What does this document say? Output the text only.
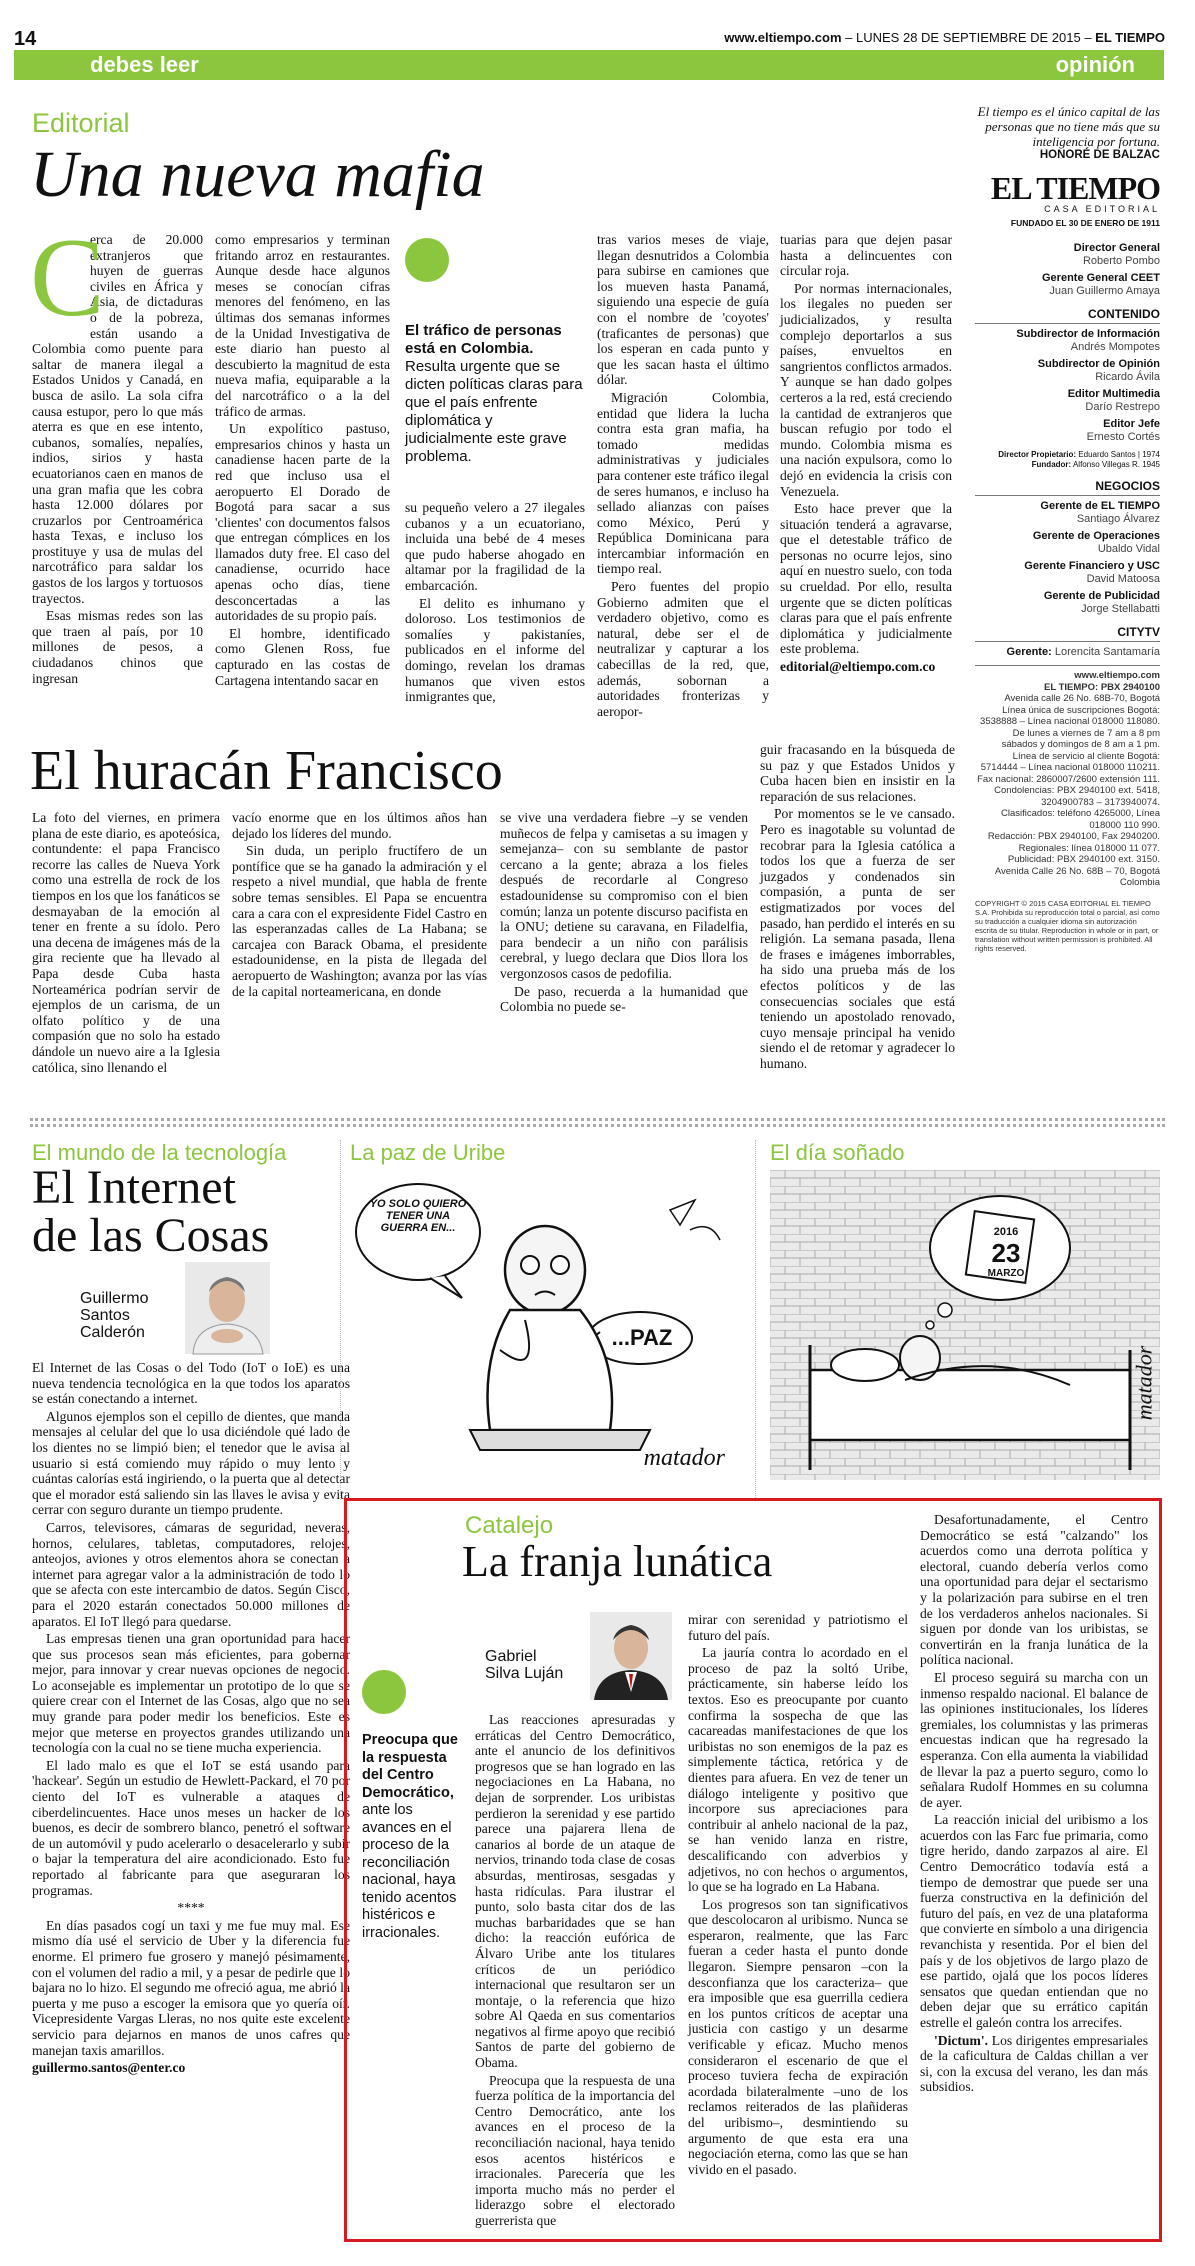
14	www.eltiempo.com – LUNES 28 DE SEPTIEMBRE DE 2015 – EL TIEMPO
debes leer	opinión
Editorial
Una nueva mafia
C

erca de 20.000 extranjeros que huyen de guerras civiles en África y Asia, de dictaduras o de la pobreza, están usando a Colombia como puente para saltar de manera ilegal a Estados Unidos y Canadá, en busca de asilo. La sola cifra causa estupor, pero lo que más aterra es que en ese intento, cubanos, somalíes, nepalíes, indios, sirios y hasta ecuatorianos caen en manos de una gran mafia que les cobra hasta 12.000 dólares por cruzarlos por Centroamérica hasta Texas, e incluso los prostituye y usa de mulas del narcotráfico para saldar los gastos de los largos y tortuosos trayectos.

Esas mismas redes son las que traen al país, por 10 millones de pesos, a ciudadanos chinos que ingresan

como empresarios y terminan fritando arroz en restaurantes. Aunque desde hace algunos meses se conocían cifras menores del fenómeno, en las últimas dos semanas informes de la Unidad Investigativa de este diario han puesto al descubierto la magnitud de esta nueva mafia, equiparable a la del narcotráfico o a la del tráfico de armas.

Un expolítico pastuso, empresarios chinos y hasta un canadiense hacen parte de la red que incluso usa el aeropuerto El Dorado de Bogotá para sacar a sus 'clientes' con documentos falsos que entregan cómplices en los llamados duty free. El caso del canadiense, ocurrido hace apenas ocho días, tiene desconcertadas a las autoridades de su propio país.

El hombre, identificado como Glenen Ross, fue capturado en las costas de Cartagena intentando sacar en

El tráfico de personas está en Colombia.
Resulta urgente que se dicten políticas claras para que el país enfrente diplomática y judicialmente este grave problema.

su pequeño velero a 27 ilegales cubanos y a un ecuatoriano, incluida una bebé de 4 meses que pudo haberse ahogado en altamar por la fragilidad de la embarcación.

El delito es inhumano y doloroso. Los testimonios de somalíes y pakistaníes, publicados en el informe del domingo, revelan los dramas humanos que viven estos inmigrantes que,

tras varios meses de viaje, llegan desnutridos a Colombia para subirse en camiones que los mueven hasta Panamá, siguiendo una especie de guía con el nombre de 'coyotes' (traficantes de personas) que los esperan en cada punto y que les sacan hasta el último dólar.

Migración Colombia, entidad que lidera la lucha contra esta gran mafia, ha tomado medidas administrativas y judiciales para contener este tráfico ilegal de seres humanos, e incluso ha sellado alianzas con países como México, Perú y República Dominicana para intercambiar información en tiempo real.

Pero fuentes del propio Gobierno admiten que el verdadero objetivo, como es natural, debe ser el de neutralizar y capturar a los cabecillas de la red, que, además, sobornan a autoridades fronterizas y aeropor-

tuarias para que dejen pasar hasta a delincuentes con circular roja.

Por normas internacionales, los ilegales no pueden ser judicializados, y resulta complejo deportarlos a sus países, envueltos en sangrientos conflictos armados. Y aunque se han dado golpes certeros a la red, está creciendo la cantidad de extranjeros que buscan refugio por todo el mundo. Colombia misma es una nación expulsora, como lo dejó en evidencia la crisis con Venezuela.

Esto hace prever que la situación tenderá a agravarse, que el detestable tráfico de personas no ocurre lejos, sino aquí en nuestro suelo, con toda su crueldad. Por ello, resulta urgente que se dicten políticas claras para que el país enfrente diplomática y judicialmente este problema.

editorial@eltiempo.com.co

El tiempo es el único capital de las personas que no tiene más que su inteligencia por fortuna.

HONORÉ DE BALZAC

EL TIEMPO
CASA EDITORIAL

FUNDADO EL 30 DE ENERO DE 1911

Director General

Roberto Pombo

Gerente General CEET

Juan Guillermo Amaya

CONTENIDO

Subdirector de Información

Andrés Mompotes

Subdirector de Opinión

Ricardo Ávila

Editor Multimedia

Darío Restrepo

Editor Jefe

Ernesto Cortés

Director Propietario: Eduardo Santos | 1974

Fundador: Alfonso Villegas R. 1945

NEGOCIOS

Gerente de EL TIEMPO

Santiago Álvarez

Gerente de Operaciones

Ubaldo Vidal

Gerente Financiero y USC

David Matoosa

Gerente de Publicidad

Jorge Stellabatti

CITYTV

Gerente: Lorencita Santamaría

www.eltiempo.com

EL TIEMPO: PBX 2940100

Avenida calle 26 No. 68B-70, Bogotá

Línea única de suscripciones Bogotá:

3538888 – Línea nacional 018000 118080.

De lunes a viernes de 7 am a 8 pm sábados y domingos de 8 am a 1 pm.

Línea de servicio al cliente Bogotá:

5714444 – Línea nacional 018000 110211.

Fax nacional: 2860007/2600 extensión 111.

Condolencias: PBX 2940100 ext. 5418, 3204900783 – 3173940074.

Clasificados: teléfono 4265000, Línea 018000 110 990.

Redacción: PBX 2940100, Fax 2940200.

Regionales: línea 018000 11 077.

Publicidad: PBX 2940100 ext. 3150.

Avenida Calle 26 No. 68B – 70, Bogotá Colombia

COPYRIGHT © 2015 CASA EDITORIAL EL TIEMPO S.A. Prohibida su reproducción total o parcial, así como su traducción a cualquier idioma sin autorización escrita de su titular. Reproduction in whole or in part, or translation without written permission is prohibited. All rights reserved.

El huracán Francisco

La foto del viernes, en primera plana de este diario, es apoteósica, contundente: el papa Francisco recorre las calles de Nueva York como una estrella de rock de los tiempos en los que los fanáticos se desmayaban de la emoción al tener en frente a su ídolo. Pero una decena de imágenes más de la gira reciente que ha llevado al Papa desde Cuba hasta Norteamérica podrían servir de ejemplos de un carisma, de un olfato político y de una compasión que no solo ha estado dándole un nuevo aire a la Iglesia católica, sino llenando el

vacío enorme que en los últimos años han dejado los líderes del mundo.

Sin duda, un periplo fructífero de un pontífice que se ha ganado la admiración y el respeto a nivel mundial, que habla de frente sobre temas sensibles. El Papa se encuentra cara a cara con el expresidente Fidel Castro en las esperanzadas calles de La Habana; se carcajea con Barack Obama, el presidente estadounidense, en la pista de llegada del aeropuerto de Washington; avanza por las vías de la capital norteamericana, en donde

se vive una verdadera fiebre –y se venden muñecos de felpa y camisetas a su imagen y semejanza– con su semblante de pastor cercano a la gente; abraza a los fieles después de recordarle al Congreso estadounidense su compromiso con el bien común; lanza un potente discurso pacifista en la ONU; detiene su caravana, en Filadelfia, para bendecir a un niño con parálisis cerebral, y luego declara que Dios llora los vergonzosos casos de pedofilia.

De paso, recuerda a la humanidad que Colombia no puede se-

guir fracasando en la búsqueda de su paz y que Estados Unidos y Cuba hacen bien en insistir en la reparación de sus relaciones.

Por momentos se le ve cansado. Pero es inagotable su voluntad de recobrar para la Iglesia católica a todos los que a fuerza de ser juzgados y condenados sin compasión, a punta de ser estigmatizados por voces del pasado, han perdido el interés en su religión. La semana pasada, llena de frases e imágenes imborrables, ha sido una prueba más de los efectos políticos y de las consecuencias sociales que está teniendo un apostolado renovado, cuyo mensaje principal ha venido siendo el de retomar y agradecer lo humano.

El mundo de la tecnología
El Internet
de las Cosas
Guillermo
Santos
Calderón

El Internet de las Cosas o del Todo (IoT o IoE) es una nueva tendencia tecnológica en la que todos los aparatos se están conectando a internet.

Algunos ejemplos son el cepillo de dientes, que manda mensajes al celular del que lo usa diciéndole qué lado de los dientes no se limpió bien; el tenedor que le avisa al usuario si está comiendo muy rápido o muy lento y cuántas calorías está ingiriendo, o la puerta que al detectar que el morador está saliendo sin las llaves le avisa y evita cerrar con seguro durante un tiempo prudente.

Carros, televisores, cámaras de seguridad, neveras, hornos, celulares, tabletas, computadores, relojes, anteojos, aviones y otros elementos ahora se conectan a internet para agregar valor a la administración de todo lo que se afecta con este intercambio de datos. Según Cisco, para el 2020 estarán conectados 50.000 millones de aparatos. El IoT llegó para quedarse.

Las empresas tienen una gran oportunidad para hacer que sus procesos sean más eficientes, para gobernar mejor, para innovar y crear nuevas opciones de negocio. Lo aconsejable es implementar un prototipo de lo que se quiere crear con el Internet de las Cosas, algo que no sea muy grande para poder medir los beneficios. Este es mejor que meterse en proyectos grandes utilizando una tecnología con la cual no se tiene mucha experiencia.

El lado malo es que el IoT se está usando para 'hackear'. Según un estudio de Hewlett-Packard, el 70 por ciento del IoT es vulnerable a ataques de ciberdelincuentes. Hace unos meses un hacker de los buenos, es decir de sombrero blanco, penetró el software de un automóvil y pudo acelerarlo o desacelerarlo y subir o bajar la temperatura del aire acondicionado. Esto fue reportado al fabricante para que aseguraran los programas.

****

En días pasados cogí un taxi y me fue muy mal. Ese mismo día usé el servicio de Uber y la diferencia fue enorme. El primero fue grosero y manejó pésimamente, con el volumen del radio a mil, y a pesar de pedirle que lo bajara no lo hizo. El segundo me ofreció agua, me abrió la puerta y me puso a escoger la emisora que yo quería oír. Vicepresidente Vargas Lleras, no nos quite este excelente servicio para dejarnos en manos de unos cafres que manejan taxis amarillos.

guillermo.santos@enter.co

La paz de Uribe
YO SOLO QUIERO TENER UNA GUERRA EN...
...PAZ
matador
El día soñado
2016
23
MARZO
matador
Catalejo
La franja lunática
Gabriel
Silva Luján
Preocupa que la respuesta del Centro Democrático,
ante los avances en el proceso de la reconciliación nacional, haya tenido acentos histéricos e irracionales.

Las reacciones apresuradas y erráticas del Centro Democrático, ante el anuncio de los definitivos progresos que se han logrado en las negociaciones en La Habana, no dejan de sorprender. Los uribistas perdieron la serenidad y ese partido parece una pajarera llena de canarios al borde de un ataque de nervios, trinando toda clase de cosas absurdas, mentirosas, sesgadas y hasta ridículas. Para ilustrar el punto, solo basta citar dos de las muchas barbaridades que se han dicho: la reacción eufórica de Álvaro Uribe ante los titulares críticos de un periódico internacional que resultaron ser un montaje, o la referencia que hizo sobre Al Qaeda en sus comentarios negativos al firme apoyo que recibió Santos de parte del gobierno de Obama.

Preocupa que la respuesta de una fuerza política de la importancia del Centro Democrático, ante los avances en el proceso de la reconciliación nacional, haya tenido esos acentos histéricos e irracionales. Parecería que les importa mucho más no perder el liderazgo sobre el electorado guerrerista que

mirar con serenidad y patriotismo el futuro del país.

La jauría contra lo acordado en el proceso de paz la soltó Uribe, prácticamente, sin haberse leído los textos. Eso es preocupante por cuanto confirma la sospecha de que las cacareadas manifestaciones de que los uribistas no son enemigos de la paz es simplemente táctica, retórica y de dientes para afuera. En vez de tener un diálogo inteligente y positivo que incorpore sus apreciaciones para contribuir al anhelo nacional de la paz, se han venido lanza en ristre, descalificando con adverbios y adjetivos, no con hechos o argumentos, lo que se ha logrado en La Habana.

Los progresos son tan significativos que descolocaron al uribismo. Nunca se esperaron, realmente, que las Farc fueran a ceder hasta el punto donde llegaron. Siempre pensaron –con la desconfianza que los caracteriza– que era imposible que esa guerrilla cediera en los puntos críticos de aceptar una justicia con castigo y un desarme verificable y eficaz. Mucho menos consideraron el escenario de que el proceso tuviera fecha de expiración acordada bilateralmente –uno de los reclamos reiterados de las plañideras del uribismo–, desmintiendo su argumento de que esta era una negociación eterna, como las que se han vivido en el pasado.

Desafortunadamente, el Centro Democrático se está "calzando" los acuerdos como una derrota política y electoral, cuando debería verlos como una oportunidad para dejar el sectarismo y la polarización para subirse en el tren de los verdaderos anhelos nacionales. Si siguen por donde van los uribistas, se convertirán en la franja lunática de la política nacional.

El proceso seguirá su marcha con un inmenso respaldo nacional. El balance de las opiniones institucionales, los líderes gremiales, los columnistas y las primeras encuestas indican que ha regresado la esperanza. Con ella aumenta la viabilidad de llevar la paz a puerto seguro, como lo señalara Rudolf Hommes en su columna de ayer.

La reacción inicial del uribismo a los acuerdos con las Farc fue primaria, como tigre herido, dando zarpazos al aire. El Centro Democrático todavía está a tiempo de demostrar que puede ser una fuerza constructiva en la definición del futuro del país, en vez de una plataforma que convierte en símbolo a una dirigencia revanchista y resentida. Por el bien del país y de los objetivos de largo plazo de ese partido, ojalá que los pocos líderes sensatos que quedan entiendan que no deben dejar que su errático capitán estrelle el galeón contra los arrecifes.

'Dictum'. Los dirigentes empresariales de la caficultura de Caldas chillan a ver si, con la excusa del verano, les dan más subsidios.
